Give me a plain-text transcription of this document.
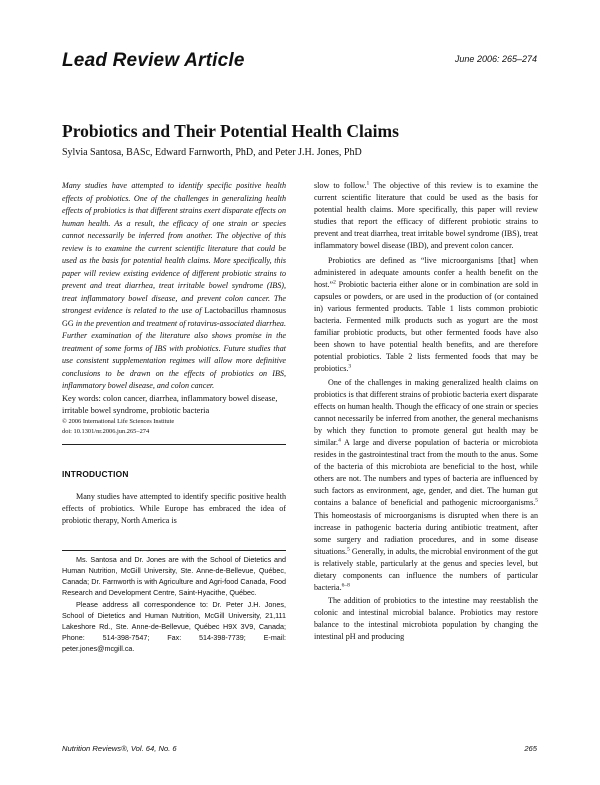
Lead Review Article	June 2006: 265–274
Probiotics and Their Potential Health Claims
Sylvia Santosa, BASc, Edward Farnworth, PhD, and Peter J.H. Jones, PhD

Many studies have attempted to identify specific positive health effects of probiotics. One of the challenges in generalizing health effects of probiotics is that different strains exert disparate effects on human health. As a result, the efficacy of one strain or species cannot necessarily be inferred from another. The objective of this review is to examine the current scientific literature that could be used as the basis for potential health claims. More specifically, this paper will review existing evidence of different probiotic strains to prevent and treat diarrhea, treat irritable bowel syndrome (IBS), treat inflammatory bowel disease, and prevent colon cancer. The strongest evidence is related to the use of Lactobacillus rhamnosus GG in the prevention and treatment of rotavirus-associated diarrhea. Further examination of the literature also shows promise in the treatment of some forms of IBS with probiotics. Future studies that use consistent supplementation regimes will allow more definitive conclusions to be drawn on the effects of probiotics on IBS, inflammatory bowel disease, and colon cancer.

Key words: colon cancer, diarrhea, inflammatory bowel disease, irritable bowel syndrome, probiotic bacteria

© 2006 International Life Sciences Institute

doi: 10.1301/nr.2006.jun.265–274

INTRODUCTION

Many studies have attempted to identify specific positive health effects of probiotics. While Europe has embraced the idea of probiotic therapy, North America is

Ms. Santosa and Dr. Jones are with the School of Dietetics and Human Nutrition, McGill University, Ste. Anne-de-Bellevue, Québec, Canada; Dr. Farnworth is with Agriculture and Agri-food Canada, Food Research and Development Centre, Saint-Hyacithe, Québec.

Please address all correspondence to: Dr. Peter J.H. Jones, School of Dietetics and Human Nutrition, McGill University, 21,111 Lakeshore Rd., Ste. Anne-de-Bellevue, Québec H9X 3V9, Canada; Phone: 514-398-7547; Fax: 514-398-7739; E-mail: peter.jones@mcgill.ca.

slow to follow.$^1$ The objective of this review is to examine the current scientific literature that could be used as the basis for potential health claims. More specifically, this paper will review studies that report the efficacy of different probiotic strains to prevent and treat diarrhea, treat irritable bowel syndrome (IBS), treat inflammatory bowel disease (IBD), and prevent colon cancer.

Probiotics are defined as “live microorganisms [that] when administered in adequate amounts confer a health benefit on the host.”$^2$ Probiotic bacteria either alone or in combination are sold in capsules or powders, or are used in the production of (or contained in) various fermented products. Table 1 lists common probiotic bacteria. Fermented milk products such as yogurt are the most familiar probiotic products, but other fermented foods have also been shown to have potential health benefits, and are therefore potential probiotics. Table 2 lists fermented foods that may be probiotics.$^3$

One of the challenges in making generalized health claims on probiotics is that different strains of probiotic bacteria exert disparate effects on human health. Though the efficacy of one strain or species cannot necessarily be inferred from another, the general mechanisms by which they function to promote general gut health may be similar.$^4$ A large and diverse population of bacteria or microbiota resides in the gastrointestinal tract from the mouth to the anus. Some of the bacteria of this microbiota are beneficial to the host, while others are not. The numbers and types of bacteria are influenced by such factors as environment, age, gender, and diet. The human gut contains a balance of beneficial and pathogenic microorganisms.$^5$ This homeostasis of microorganisms is disrupted when there is an increase in pathogenic bacteria during antibiotic treatment, after some surgery and radiation procedures, and in some disease situations.$^5$ Generally, in adults, the microbial environment of the gut is relatively stable, particularly at the genus and species level, but dietary components can influence the numbers of particular bacteria.$^{6-8}$

The addition of probiotics to the intestine may reestablish the colonic and intestinal microbial balance. Probiotics may restore balance to the intestinal microbiota population by changing the intestinal pH and producing

Nutrition Reviews®, Vol. 64, No. 6	265
